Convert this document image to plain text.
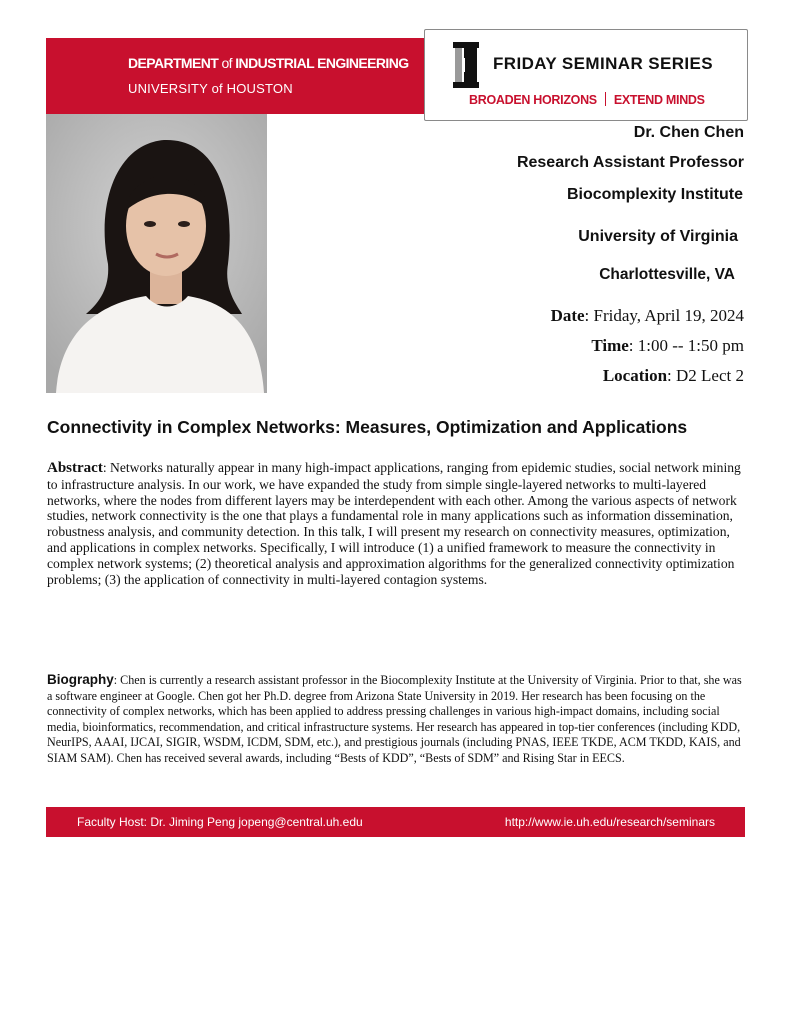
DEPARTMENT of INDUSTRIAL ENGINEERING
UNIVERSITY of HOUSTON
FRIDAY SEMINAR SERIES
BROADEN HORIZONS EXTEND MINDS
Dr. Chen Chen
Research Assistant Professor
Biocomplexity Institute
University of Virginia
Charlottesville, VA
Date: Friday, April 19, 2024
Time: 1:00 -- 1:50 pm
Location: D2 Lect 2
Connectivity in Complex Networks: Measures, Optimization and Applications
Abstract: Networks naturally appear in many high-impact applications, ranging from epidemic studies, social network mining to infrastructure analysis. In our work, we have expanded the study from simple single-layered networks to multi-layered networks, where the nodes from different layers may be interdependent with each other. Among the various aspects of network studies, network connectivity is the one that plays a fundamental role in many applications such as information dissemination, robustness analysis, and community detection. In this talk, I will present my research on connectivity measures, optimization, and applications in complex networks. Specifically, I will introduce (1) a unified framework to measure the connectivity in complex network systems; (2) theoretical analysis and approximation algorithms for the generalized connectivity optimization problems; (3) the application of connectivity in multi-layered contagion systems.
Biography: Chen is currently a research assistant professor in the Biocomplexity Institute at the University of Virginia. Prior to that, she was a software engineer at Google. Chen got her Ph.D. degree from Arizona State University in 2019. Her research has been focusing on the connectivity of complex networks, which has been applied to address pressing challenges in various high-impact domains, including social media, bioinformatics, recommendation, and critical infrastructure systems. Her research has appeared in top-tier conferences (including KDD, NeurIPS, AAAI, IJCAI, SIGIR, WSDM, ICDM, SDM, etc.), and prestigious journals (including PNAS, IEEE TKDE, ACM TKDD, KAIS, and SIAM SAM). Chen has received several awards, including “Bests of KDD”, “Bests of SDM” and Rising Star in EECS.
Faculty Host: Dr. Jiming Peng jopeng@central.uh.edu	http://www.ie.uh.edu/research/seminars
